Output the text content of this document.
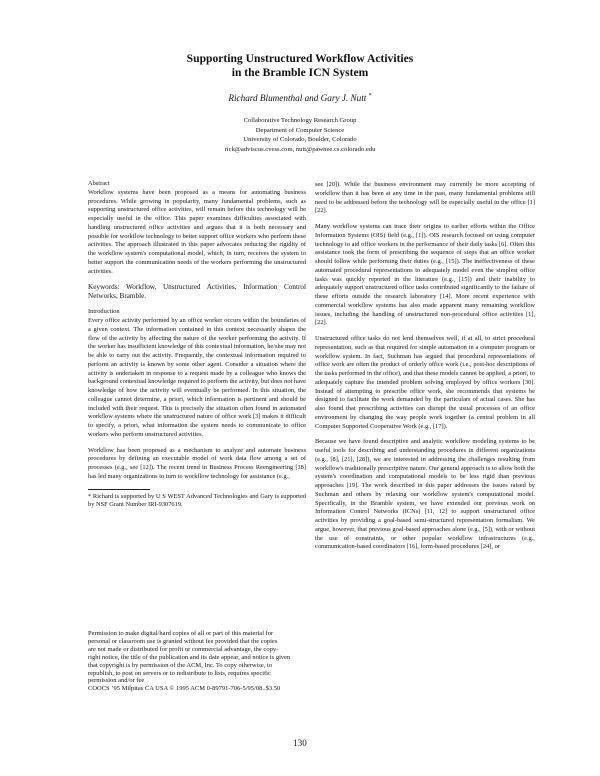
Supporting Unstructured Workflow Activities
in the Bramble ICN System
Richard Blumenthal and Gary J. Nutt *
Collaborative Technology Research Group
Department of Computer Science
University of Colorado, Boulder, Colorado
rick@adviscus.cvess.com, nutt@pawnee.cs.colorado.edu
Abstract

Workflow systems have been proposed as a means for automating business procedures. While growing in popularity, many fundamental problems, such as supporting unstructured office activities, will remain before this technology will be especially useful in the office. This paper examines difficulties associated with handling unstructured office activities and argues that it is both necessary and possible for workflow technology to better support office workers who perform these activities. The approach illustrated in this paper advocates reducing the rigidity of the workflow system's computational model, which, in turn, receives the system to better support the communication needs of the workers performing the unstructured activities.

Keywords: Workflow, Unstructured Activities, Information Control Networks, Bramble.

Introduction

Every office activity performed by an office worker occurs within the boundaries of a given context. The information contained in this context necessarily shapes the flow of the activity by affecting the nature of the worker performing the activity. If the worker has insufficient knowledge of this contextual information, he/she may not be able to carry out the activity. Frequently, the contextual information required to perform an activity is known by some other agent. Consider a situation where the activity is undertaken in response to a request made by a colleague who knows the background contextual knowledge required to perform the activity, but does not have knowledge of how the activity will eventually be performed. In this situation, the colleague cannot determine, a priori, which information is pertinent and should be included with their request. This is precisely the situation often found in automated workflow systems where the unstructured nature of office work [3] makes it difficult to specify, a priori, what information the system needs to communicate to office workers who perform unstructured activities.

Workflow has been proposed as a mechanism to analyze and automate business procedures by defining an executable model of work data flow among a set of processes (e.g., see [12]). The recent trend in Business Process Reengineering [18] has led many organizations to turn to workflow technology for assistance (e.g.,

* Richard is supported by U S WEST Advanced Technologies and Gary is supported by NSF Grant Number IRI-9307619.

Permission to make digital/hard copies of all or part of this material for

personal or classroom use is granted without fee provided that the copies

are not made or distributed for profit or commercial advantage, the copy-

right notice, the title of the publication and its date appear, and notice is given

that copyright is by permission of the ACM, Inc. To copy otherwise, to

republish, to post on servers or to redistribute to lists, requires specific

permission and/or fee

COOCS ’95 Milpitas CA USA © 1995 ACM 0-89791-706-5/95/08..$3.50

see [20]). While the business environment may currently be more accepting of workflow than it has been at any time in the past, many fundamental problems still need to be addressed before the technology will be especially useful in the office [1] [22].

Many workflow systems can trace their origins to earlier efforts within the Office Information Systems (OIS) field (e.g., [1]). OIS research focused on using computer technology to aid office workers in the performance of their daily tasks [6]. Often this assistance took the form of prescribing the sequence of steps that an office worker should follow while performing their duties (e.g., [15]). The ineffectiveness of these automated procedural representations to adequately model even the simplest office tasks was quickly reported in the literature (e.g., [15]) and their inability to adequately support unstructured office tasks contributed significantly to the failure of these efforts outside the research laboratory [14]. More recent experience with commercial workflow systems has also made apparent many remaining workflow issues, including the handling of unstructured non-procedural office activities [1], [22].

Unstructured office tasks do not lend themselves well, if at all, to strict procedural representation, such as that required for simple automation in a computer program or workflow system. In fact, Suchman has argued that procedural representations of office work are often the product of orderly office work (i.e., post-hoc descriptions of the tasks performed in the office), and that these models cannot be applied, a priori, to adequately capture the intended problem solving employed by office workers [30]. Instead of attempting to prescribe office work, she recommends that systems be designed to facilitate the work demanded by the particulars of actual cases. She has also found that prescribing activities can disrupt the usual processes of an office environment by changing the way people work together (a central problem in all Computer Supported Cooperative Work (e.g., [17]).

Because we have found descriptive and analytic workflow modeling systems to be useful tools for describing and understanding procedures in different organizations (e.g., [8], [21], [28]), we are interested in addressing the challenges resulting from workflow's traditionally prescriptive nature. Our general approach is to allow both the system's coordination and computational models to be less rigid than previous approaches [19]. The work described in this paper addresses the issues raised by Suchman and others by relaxing our workflow system's computational model. Specifically, in the Bramble system, we have extended our previous work on Information Control Networks (ICNs) [11, 12] to support unstructured office activities by providing a goal-based semi-structured representation formalism. We argue, however, that previous goal-based approaches alone (e.g., [5]), with or without the use of constraints, or other popular workflow infrastructures (e.g., communication-based coordinators [16], form-based procedures [24], or

130
